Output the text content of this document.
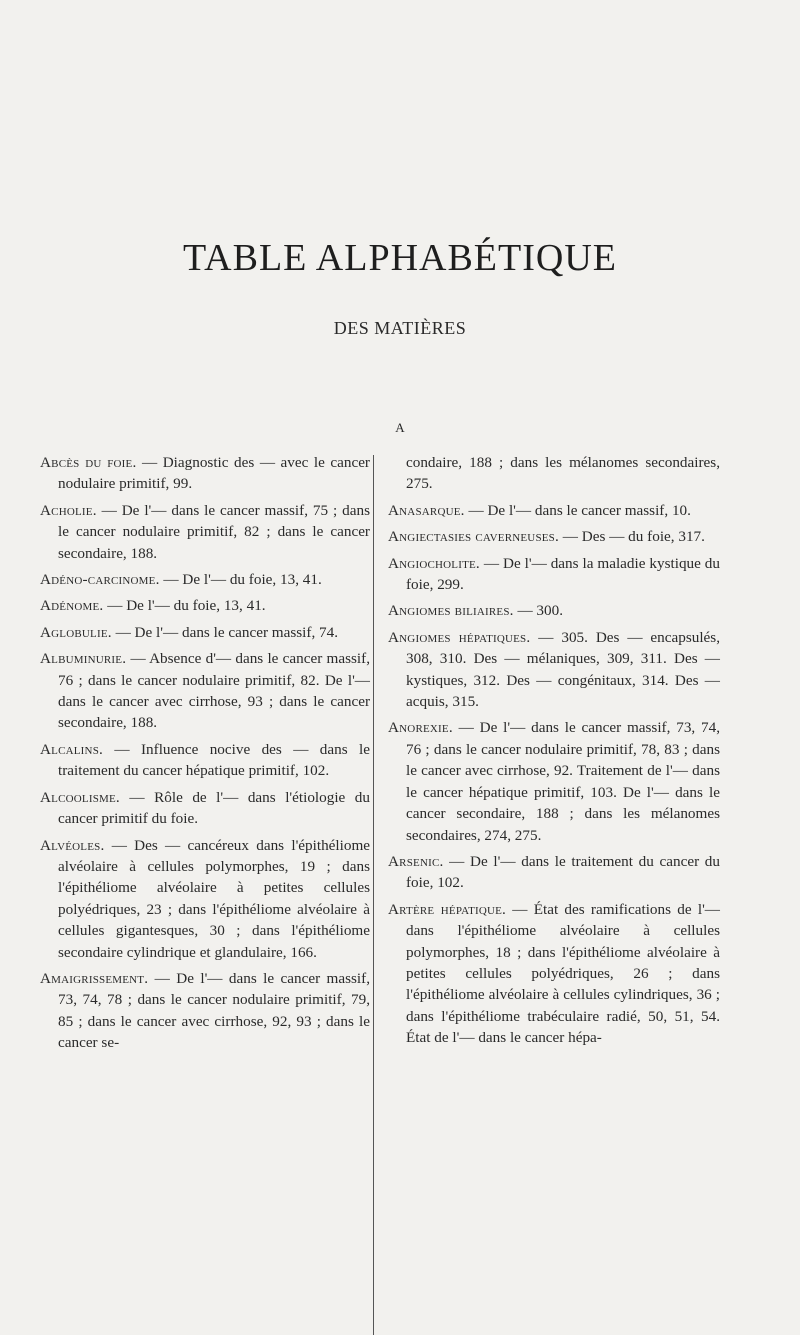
TABLE ALPHABÉTIQUE
DES MATIÈRES
A

Abcès du foie. — Diagnostic des — avec le cancer nodulaire primitif, 99.

Acholie. — De l'— dans le cancer massif, 75 ; dans le cancer nodulaire primitif, 82 ; dans le cancer secondaire, 188.

Adéno-carcinome. — De l'— du foie, 13, 41.

Adénome. — De l'— du foie, 13, 41.

Aglobulie. — De l'— dans le cancer massif, 74.

Albuminurie. — Absence d'— dans le cancer massif, 76 ; dans le cancer nodulaire primitif, 82. De l'— dans le cancer avec cirrhose, 93 ; dans le cancer secondaire, 188.

Alcalins. — Influence nocive des — dans le traitement du cancer hépatique primitif, 102.

Alcoolisme. — Rôle de l'— dans l'étiologie du cancer primitif du foie.

Alvéoles. — Des — cancéreux dans l'épithéliome alvéolaire à cellules polymorphes, 19 ; dans l'épithéliome alvéolaire à petites cellules polyédriques, 23 ; dans l'épithéliome alvéolaire à cellules gigantesques, 30 ; dans l'épithéliome secondaire cylindrique et glandulaire, 166.

Amaigrissement. — De l'— dans le cancer massif, 73, 74, 78 ; dans le cancer nodulaire primitif, 79, 85 ; dans le cancer avec cirrhose, 92, 93 ; dans le cancer se-

condaire, 188 ; dans les mélanomes secondaires, 275.

Anasarque. — De l'— dans le cancer massif, 10.

Angiectasies caverneuses. — Des — du foie, 317.

Angiocholite. — De l'— dans la maladie kystique du foie, 299.

Angiomes biliaires. — 300.

Angiomes hépatiques. — 305. Des — encapsulés, 308, 310. Des — mélaniques, 309, 311. Des — kystiques, 312. Des — congénitaux, 314. Des — acquis, 315.

Anorexie. — De l'— dans le cancer massif, 73, 74, 76 ; dans le cancer nodulaire primitif, 78, 83 ; dans le cancer avec cirrhose, 92. Traitement de l'— dans le cancer hépatique primitif, 103. De l'— dans le cancer secondaire, 188 ; dans les mélanomes secondaires, 274, 275.

Arsenic. — De l'— dans le traitement du cancer du foie, 102.

Artère hépatique. — État des ramifications de l'— dans l'épithéliome alvéolaire à cellules polymorphes, 18 ; dans l'épithéliome alvéolaire à petites cellules polyédriques, 26 ; dans l'épithéliome alvéolaire à cellules cylindriques, 36 ; dans l'épithéliome trabéculaire radié, 50, 51, 54. État de l'— dans le cancer hépa-
